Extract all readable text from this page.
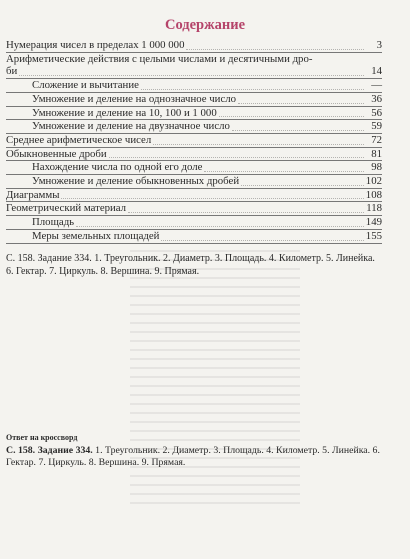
Содержание
Нумерация чисел в пределах 1 000 000	3
Арифметические действия с целыми числами и десятичными дро-
би	14
Сложение и вычитание	—
Умножение и деление на однозначное число	36
Умножение и деление на 10, 100 и 1 000	56
Умножение и деление на двузначное число	59
Среднее арифметическое чисел	72
Обыкновенные дроби	81
Нахождение числа по одной его доле	98
Умножение и деление обыкновенных дробей	102
Диаграммы	108
Геометрический материал	118
Площадь	149
Меры земельных площадей	155
С. 158. Задание 334. 1. Треугольник. 2. Диаметр. 3. Площадь. 4. Километр. 5. Линейка. 6. Гектар. 7. Циркуль. 8. Вершина. 9. Прямая.
Ответ на кроссворд
С. 158. Задание 334. 1. Треугольник. 2. Диаметр. 3. Площадь. 4. Километр. 5. Линейка. 6. Гектар. 7. Циркуль. 8. Вершина. 9. Прямая.
